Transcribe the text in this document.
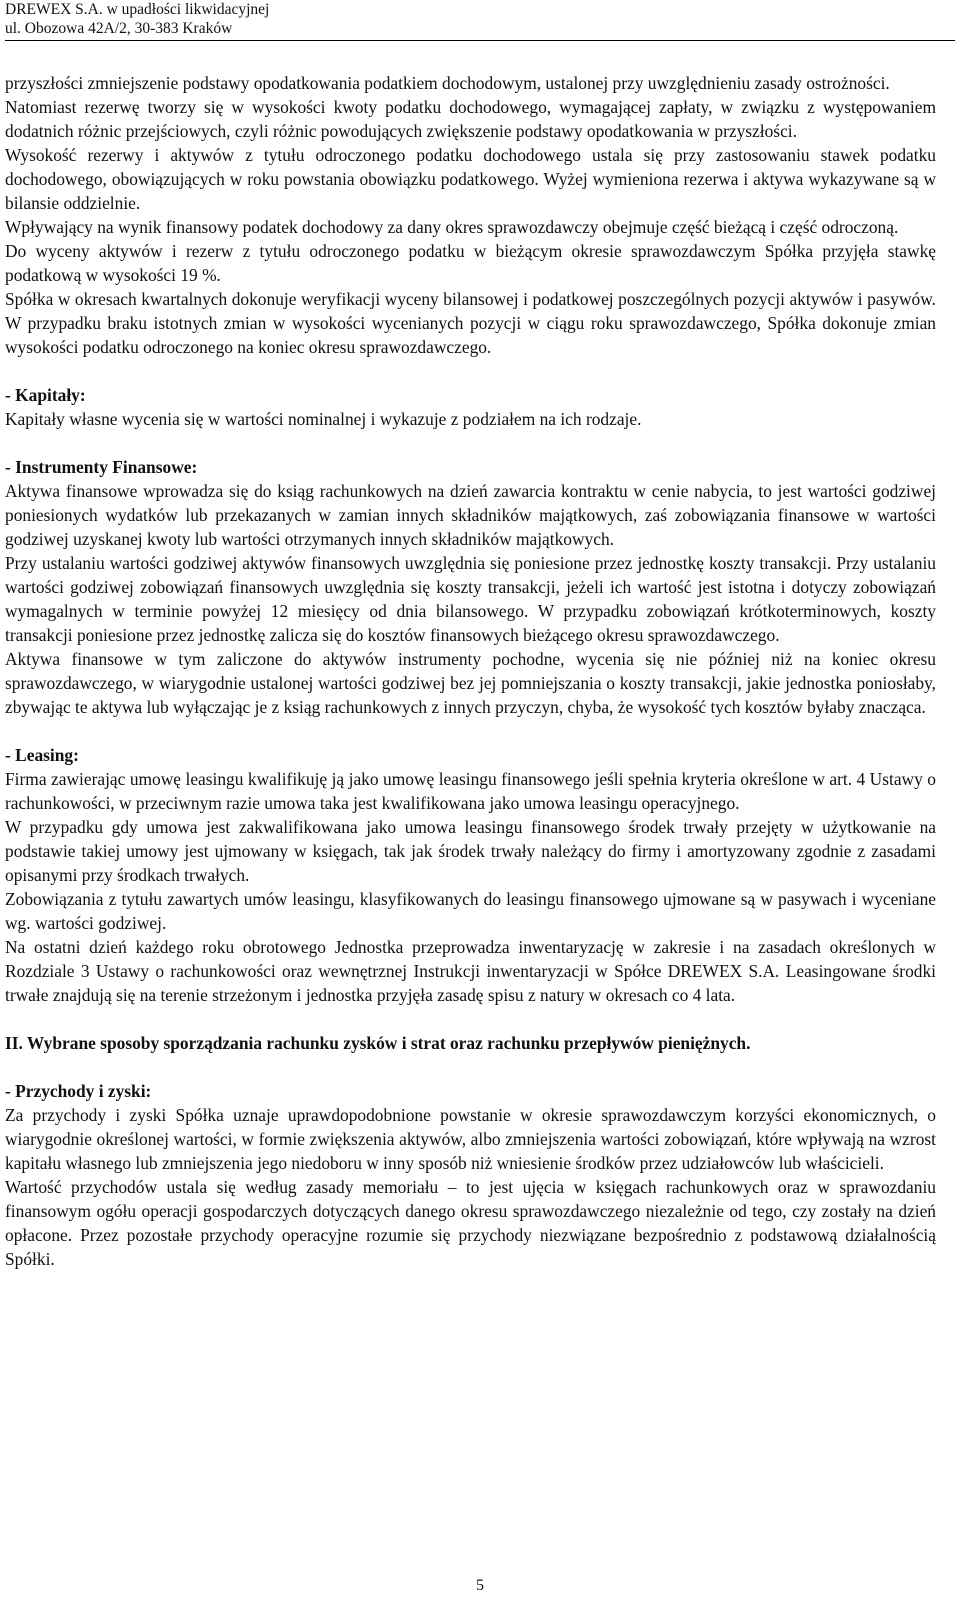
DREWEX S.A. w upadłości likwidacyjnej
ul. Obozowa 42A/2, 30-383 Kraków

przyszłości zmniejszenie podstawy opodatkowania podatkiem dochodowym, ustalonej przy uwzględnieniu zasady ostrożności.

Natomiast rezerwę tworzy się w wysokości kwoty podatku dochodowego, wymagającej zapłaty, w związku z występowaniem dodatnich różnic przejściowych, czyli różnic powodujących zwiększenie podstawy opodatkowania w przyszłości.

Wysokość rezerwy i aktywów z tytułu odroczonego podatku dochodowego ustala się przy zastosowaniu stawek podatku dochodowego, obowiązujących w roku powstania obowiązku podatkowego. Wyżej wymieniona rezerwa i aktywa wykazywane są w bilansie oddzielnie.

Wpływający na wynik finansowy podatek dochodowy za dany okres sprawozdawczy obejmuje część bieżącą i część odroczoną.

Do wyceny aktywów i rezerw z tytułu odroczonego podatku w bieżącym okresie sprawozdawczym Spółka przyjęła stawkę podatkową w wysokości 19 %.

Spółka w okresach kwartalnych dokonuje weryfikacji wyceny bilansowej i podatkowej poszczególnych pozycji aktywów i pasywów. W przypadku braku istotnych zmian w wysokości wycenianych pozycji w ciągu roku sprawozdawczego, Spółka dokonuje zmian wysokości podatku odroczonego na koniec okresu sprawozdawczego.

- Kapitały:

Kapitały własne wycenia się w wartości nominalnej i wykazuje z podziałem na ich rodzaje.

- Instrumenty Finansowe:

Aktywa finansowe wprowadza się do ksiąg rachunkowych na dzień zawarcia kontraktu w cenie nabycia, to jest wartości godziwej poniesionych wydatków lub przekazanych w zamian innych składników majątkowych, zaś zobowiązania finansowe w wartości godziwej uzyskanej kwoty lub wartości otrzymanych innych składników majątkowych.

Przy ustalaniu wartości godziwej aktywów finansowych uwzględnia się poniesione przez jednostkę koszty transakcji. Przy ustalaniu wartości godziwej zobowiązań finansowych uwzględnia się koszty transakcji, jeżeli ich wartość jest istotna i dotyczy zobowiązań wymagalnych w terminie powyżej 12 miesięcy od dnia bilansowego. W przypadku zobowiązań krótkoterminowych, koszty transakcji poniesione przez jednostkę zalicza się do kosztów finansowych bieżącego okresu sprawozdawczego.

Aktywa finansowe w tym zaliczone do aktywów instrumenty pochodne, wycenia się nie później niż na koniec okresu sprawozdawczego, w wiarygodnie ustalonej wartości godziwej bez jej pomniejszania o koszty transakcji, jakie jednostka poniosłaby, zbywając te aktywa lub wyłączając je z ksiąg rachunkowych z innych przyczyn, chyba, że wysokość tych kosztów byłaby znacząca.

- Leasing:

Firma zawierając umowę leasingu kwalifikuję ją jako umowę leasingu finansowego jeśli spełnia kryteria określone w art. 4 Ustawy o rachunkowości, w przeciwnym razie umowa taka jest kwalifikowana jako umowa leasingu operacyjnego.

W przypadku gdy umowa jest zakwalifikowana jako umowa leasingu finansowego środek trwały przejęty w użytkowanie na podstawie takiej umowy jest ujmowany w księgach, tak jak środek trwały należący do firmy i amortyzowany zgodnie z zasadami opisanymi przy środkach trwałych.

Zobowiązania z tytułu zawartych umów leasingu, klasyfikowanych do leasingu finansowego ujmowane są w pasywach i wyceniane wg. wartości godziwej.

Na ostatni dzień każdego roku obrotowego Jednostka przeprowadza inwentaryzację w zakresie i na zasadach określonych w Rozdziale 3 Ustawy o rachunkowości oraz wewnętrznej Instrukcji inwentaryzacji w Spółce DREWEX S.A. Leasingowane środki trwałe znajdują się na terenie strzeżonym i jednostka przyjęła zasadę spisu z natury w okresach co 4 lata.

II. Wybrane sposoby sporządzania rachunku zysków i strat oraz rachunku przepływów pieniężnych.

- Przychody i zyski:

Za przychody i zyski Spółka uznaje uprawdopodobnione powstanie w okresie sprawozdawczym korzyści ekonomicznych, o wiarygodnie określonej wartości, w formie zwiększenia aktywów, albo zmniejszenia wartości zobowiązań, które wpływają na wzrost kapitału własnego lub zmniejszenia jego niedoboru w inny sposób niż wniesienie środków przez udziałowców lub właścicieli.

Wartość przychodów ustala się według zasady memoriału – to jest ujęcia w księgach rachunkowych oraz w sprawozdaniu finansowym ogółu operacji gospodarczych dotyczących danego okresu sprawozdawczego niezależnie od tego, czy zostały na dzień opłacone. Przez pozostałe przychody operacyjne rozumie się przychody niezwiązane bezpośrednio z podstawową działalnością Spółki.

5
